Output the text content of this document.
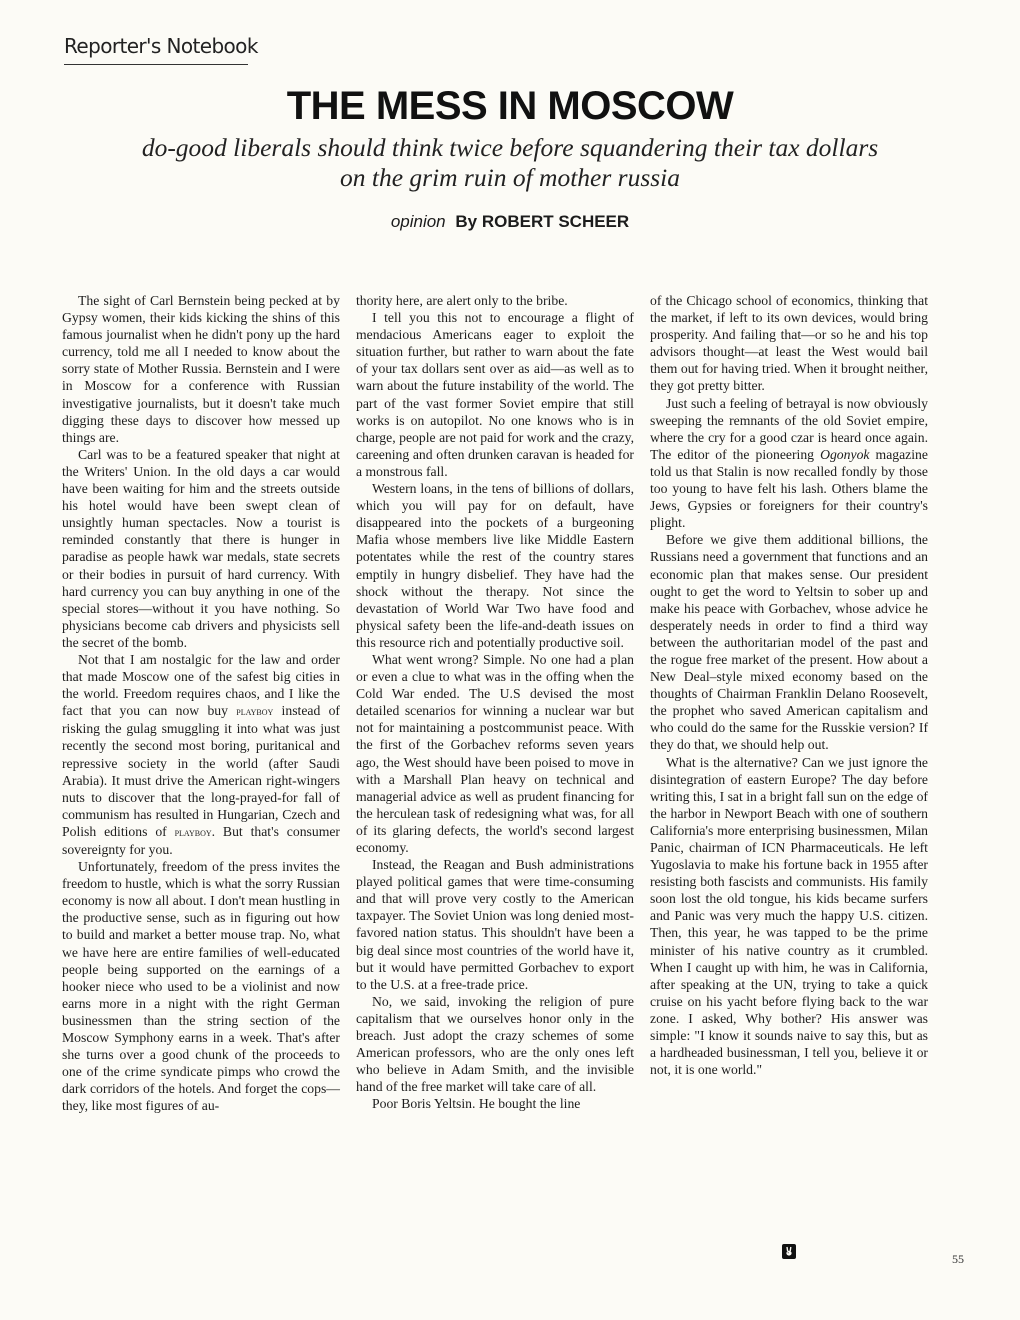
Reporter's Notebook
THE MESS IN MOSCOW
do-good liberals should think twice before squandering their tax dollars on the grim ruin of mother russia
opinion By ROBERT SCHEER

The sight of Carl Bernstein being pecked at by Gypsy women, their kids kicking the shins of this famous journalist when he didn't pony up the hard currency, told me all I needed to know about the sorry state of Mother Russia. Bernstein and I were in Moscow for a conference with Russian investigative journalists, but it doesn't take much digging these days to discover how messed up things are.

Carl was to be a featured speaker that night at the Writers' Union. In the old days a car would have been waiting for him and the streets outside his hotel would have been swept clean of unsightly human spectacles. Now a tourist is reminded constantly that there is hunger in paradise as people hawk war medals, state secrets or their bodies in pursuit of hard currency. With hard currency you can buy anything in one of the special stores—without it you have nothing. So physicians become cab drivers and physicists sell the secret of the bomb.

Not that I am nostalgic for the law and order that made Moscow one of the safest big cities in the world. Freedom requires chaos, and I like the fact that you can now buy playboy instead of risking the gulag smuggling it into what was just recently the second most boring, puritanical and repressive society in the world (after Saudi Arabia). It must drive the American right-wingers nuts to discover that the long-prayed-for fall of communism has resulted in Hungarian, Czech and Polish editions of playboy. But that's consumer sovereignty for you.

Unfortunately, freedom of the press invites the freedom to hustle, which is what the sorry Russian economy is now all about. I don't mean hustling in the productive sense, such as in figuring out how to build and market a better mouse trap. No, what we have here are entire families of well-educated people being supported on the earnings of a hooker niece who used to be a violinist and now earns more in a night with the right German businessmen than the string section of the Moscow Symphony earns in a week. That's after she turns over a good chunk of the proceeds to one of the crime syndicate pimps who crowd the dark corridors of the hotels. And forget the cops—they, like most figures of au-

thority here, are alert only to the bribe.

I tell you this not to encourage a flight of mendacious Americans eager to exploit the situation further, but rather to warn about the fate of your tax dollars sent over as aid—as well as to warn about the future instability of the world. The part of the vast former Soviet empire that still works is on autopilot. No one knows who is in charge, people are not paid for work and the crazy, careening and often drunken caravan is headed for a monstrous fall.

Western loans, in the tens of billions of dollars, which you will pay for on default, have disappeared into the pockets of a burgeoning Mafia whose members live like Middle Eastern potentates while the rest of the country stares emptily in hungry disbelief. They have had the shock without the therapy. Not since the devastation of World War Two have food and physical safety been the life-and-death issues on this resource rich and potentially productive soil.

What went wrong? Simple. No one had a plan or even a clue to what was in the offing when the Cold War ended. The U.S devised the most detailed scenarios for winning a nuclear war but not for maintaining a postcommunist peace. With the first of the Gorbachev reforms seven years ago, the West should have been poised to move in with a Marshall Plan heavy on technical and managerial advice as well as prudent financing for the herculean task of redesigning what was, for all of its glaring defects, the world's second largest economy.

Instead, the Reagan and Bush administrations played political games that were time-consuming and that will prove very costly to the American taxpayer. The Soviet Union was long denied most-favored nation status. This shouldn't have been a big deal since most countries of the world have it, but it would have permitted Gorbachev to export to the U.S. at a free-trade price.

No, we said, invoking the religion of pure capitalism that we ourselves honor only in the breach. Just adopt the crazy schemes of some American professors, who are the only ones left who believe in Adam Smith, and the invisible hand of the free market will take care of all.

Poor Boris Yeltsin. He bought the line

of the Chicago school of economics, thinking that the market, if left to its own devices, would bring prosperity. And failing that—or so he and his top advisors thought—at least the West would bail them out for having tried. When it brought neither, they got pretty bitter.

Just such a feeling of betrayal is now obviously sweeping the remnants of the old Soviet empire, where the cry for a good czar is heard once again. The editor of the pioneering Ogonyok magazine told us that Stalin is now recalled fondly by those too young to have felt his lash. Others blame the Jews, Gypsies or foreigners for their country's plight.

Before we give them additional billions, the Russians need a government that functions and an economic plan that makes sense. Our president ought to get the word to Yeltsin to sober up and make his peace with Gorbachev, whose advice he desperately needs in order to find a third way between the authoritarian model of the past and the rogue free market of the present. How about a New Deal–style mixed economy based on the thoughts of Chairman Franklin Delano Roosevelt, the prophet who saved American capitalism and who could do the same for the Russkie version? If they do that, we should help out.

What is the alternative? Can we just ignore the disintegration of eastern Europe? The day before writing this, I sat in a bright fall sun on the edge of the harbor in Newport Beach with one of southern California's more enterprising businessmen, Milan Panic, chairman of ICN Pharmaceuticals. He left Yugoslavia to make his fortune back in 1955 after resisting both fascists and communists. His family soon lost the old tongue, his kids became surfers and Panic was very much the happy U.S. citizen. Then, this year, he was tapped to be the prime minister of his native country as it crumbled. When I caught up with him, he was in California, after speaking at the UN, trying to take a quick cruise on his yacht before flying back to the war zone. I asked, Why bother? His answer was simple: "I know it sounds naive to say this, but as a hardheaded businessman, I tell you, believe it or not, it is one world."

55
